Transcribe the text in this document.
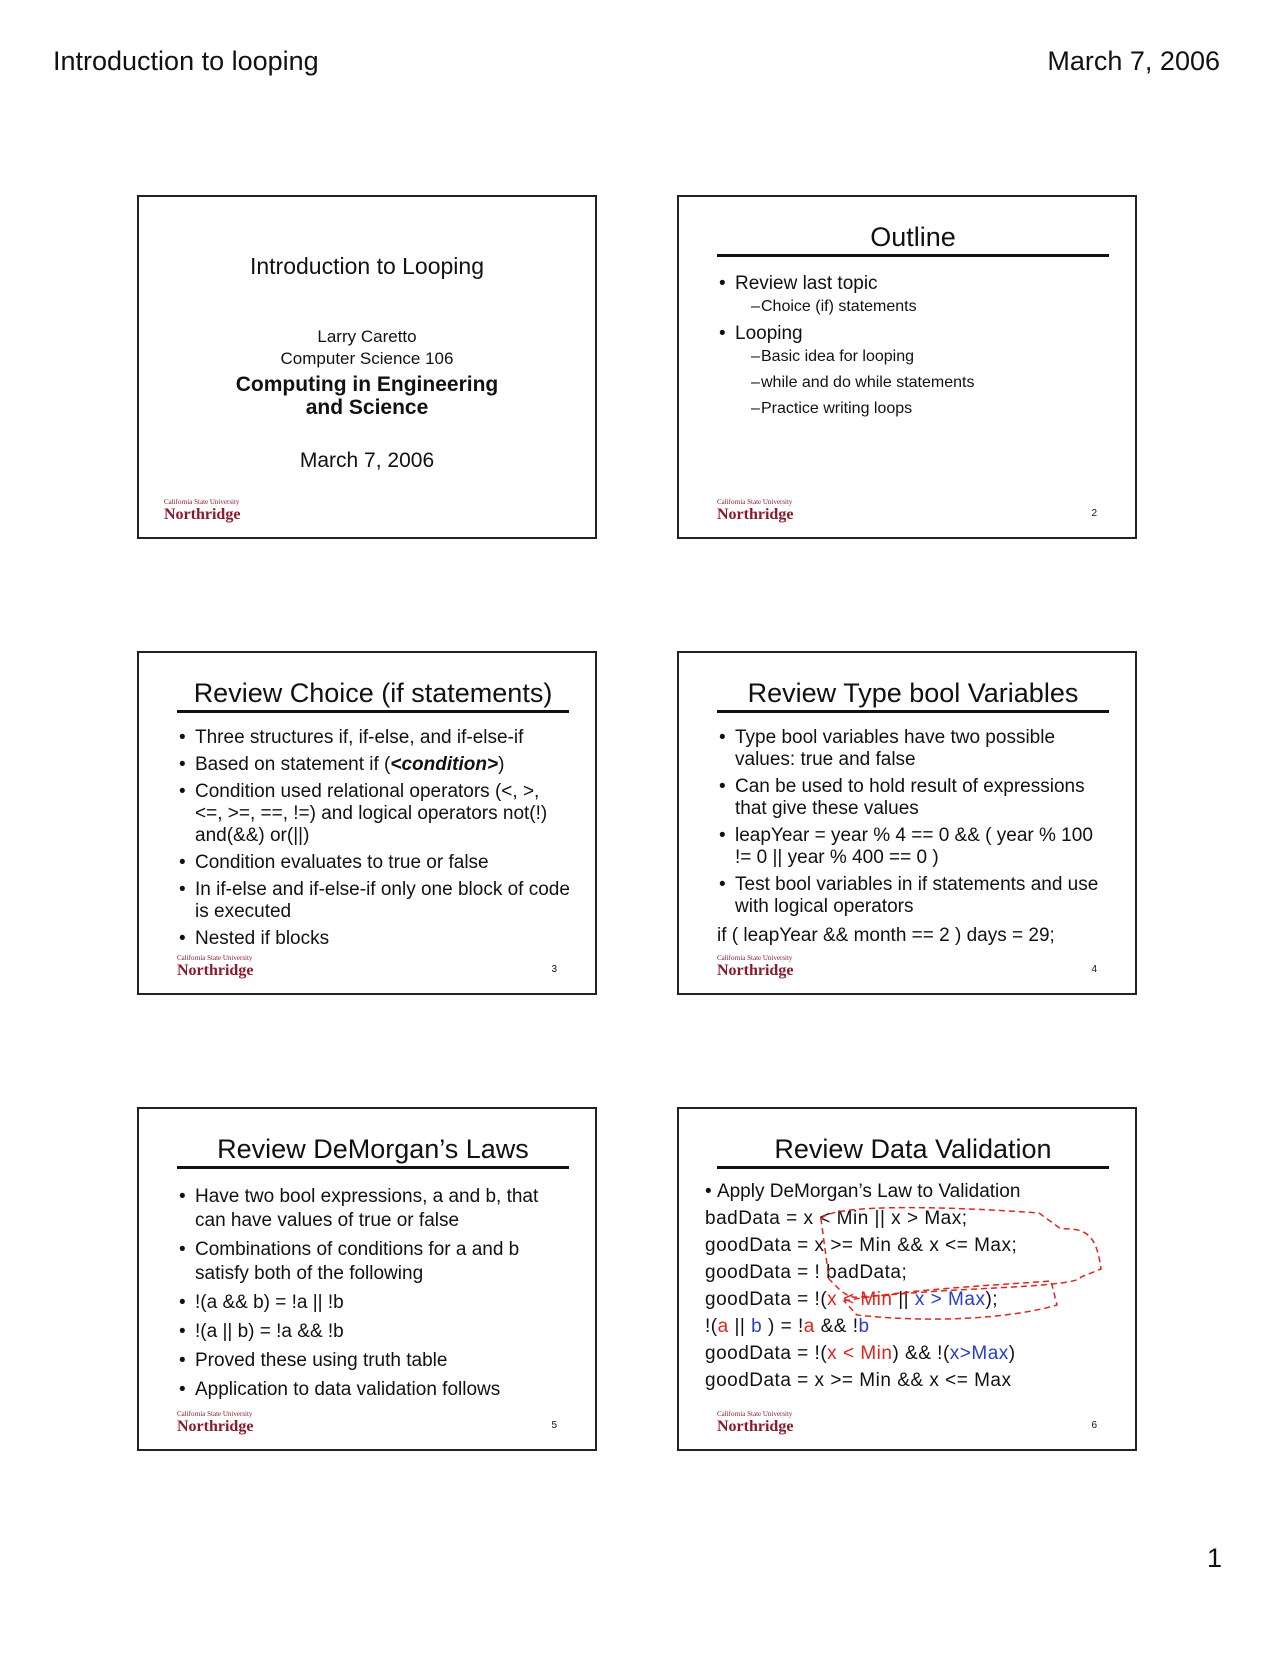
Introduction to looping	March 7, 2006
Introduction to Looping
Larry Caretto
Computer Science 106
Computing in Engineering
and Science
March 7, 2006
California State University
Northridge
Outline
• Review last topic
– Choice (if) statements
• Looping
– Basic idea for looping
– while and do while statements
– Practice writing loops
California State University
Northridge	2
Review Choice (if statements)
• Three structures if, if-else, and if-else-if
• Based on statement if (<condition>)
• Condition used relational operators (<, >, <=, >=, ==, !=) and logical operators not(!) and(&&) or(||)
• Condition evaluates to true or false
• In if-else and if-else-if only one block of code is executed
• Nested if blocks
California State University
Northridge	3
Review Type bool Variables
• Type bool variables have two possible values: true and false
• Can be used to hold result of expressions that give these values
• leapYear = year % 4 == 0 && ( year % 100 != 0 || year % 400 == 0 )
• Test bool variables in if statements and use with logical operators
if ( leapYear && month == 2 ) days = 29;
California State University
Northridge	4
Review DeMorgan’s Laws
• Have two bool expressions, a and b, that can have values of true or false
• Combinations of conditions for a and b satisfy both of the following
• !(a && b) = !a || !b
• !(a || b) = !a && !b
• Proved these using truth table
• Application to data validation follows
California State University
Northridge	5
Review Data Validation
• Apply DeMorgan’s Law to Validation
badData = x < Min || x > Max;
goodData = x >= Min && x <= Max;
goodData = ! badData;
goodData = !(x < Min || x > Max);
!(a || b ) = !a && !b
goodData = !(x < Min) && !(x>Max)
goodData = x >= Min && x <= Max
California State University
Northridge	6
1
